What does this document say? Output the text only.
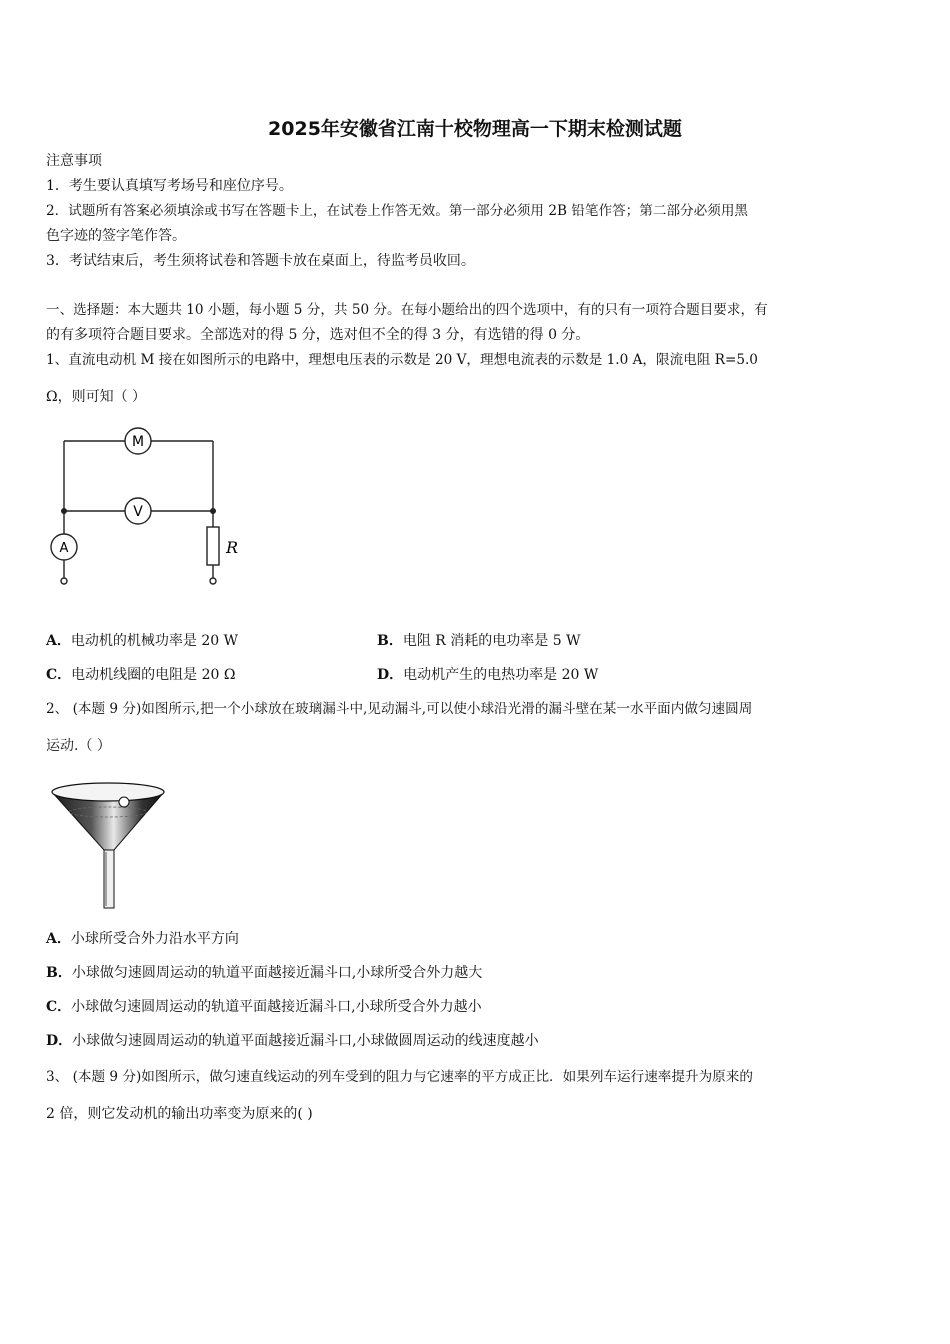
2025年安徽省江南十校物理高一下期末检测试题
注意事项
1．考生要认真填写考场号和座位序号。
2．试题所有答案必须填涂或书写在答题卡上，在试卷上作答无效。第一部分必须用 2B 铅笔作答；第二部分必须用黑
色字迹的签字笔作答。
3．考试结束后，考生须将试卷和答题卡放在桌面上，待监考员收回。
一、选择题：本大题共 10 小题，每小题 5 分，共 50 分。在每小题给出的四个选项中，有的只有一项符合题目要求，有
的有多项符合题目要求。全部选对的得 5 分，选对但不全的得 3 分，有选错的得 0 分。
1、直流电动机 M 接在如图所示的电路中，理想电压表的示数是 20 V，理想电流表的示数是 1.0 A，限流电阻 R=5.0
Ω，则可知（ ）
M
V
A	R
A．电动机的机械功率是 20 W	B．电阻 R 消耗的电功率是 5 W
C．电动机线圈的电阻是 20 Ω	D．电动机产生的电热功率是 20 W
2、 (本题 9 分)如图所示,把一个小球放在玻璃漏斗中,见动漏斗,可以使小球沿光滑的漏斗壁在某一水平面内做匀速圆周
运动.（ ）
A．小球所受合外力沿水平方向
B．小球做匀速圆周运动的轨道平面越接近漏斗口,小球所受合外力越大
C．小球做匀速圆周运动的轨道平面越接近漏斗口,小球所受合外力越小
D．小球做匀速圆周运动的轨道平面越接近漏斗口,小球做圆周运动的线速度越小
3、 (本题 9 分)如图所示，做匀速直线运动的列车受到的阻力与它速率的平方成正比．如果列车运行速率提升为原来的
2 倍，则它发动机的输出功率变为原来的( )
